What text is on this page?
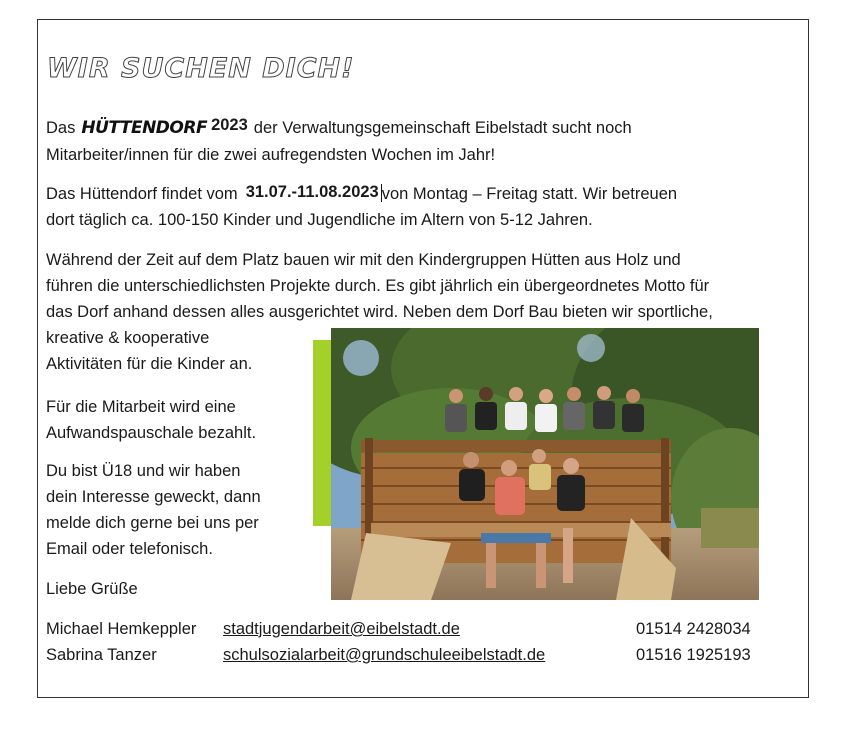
WIR SUCHEN DICH!
Das HÜTTENDORF 2023 der Verwaltungsgemeinschaft Eibelstadt sucht noch
Mitarbeiter/innen für die zwei aufregendsten Wochen im Jahr!
Das Hüttendorf findet vom 31.07.-11.08.2023 von Montag – Freitag statt. Wir betreuen
dort täglich ca. 100-150 Kinder und Jugendliche im Altern von 5-12 Jahren.
Während der Zeit auf dem Platz bauen wir mit den Kindergruppen Hütten aus Holz und
führen die unterschiedlichsten Projekte durch. Es gibt jährlich ein übergeordnetes Motto für
das Dorf anhand dessen alles ausgerichtet wird. Neben dem Dorf Bau bieten wir sportliche,
kreative & kooperative
Aktivitäten für die Kinder an.
Für die Mitarbeit wird eine
Aufwandspauschale bezahlt.
Du bist Ü18 und wir haben
dein Interesse geweckt, dann
melde dich gerne bei uns per
Email oder telefonisch.
Liebe Grüße
Michael Hemkeppler stadtjugendarbeit@eibelstadt.de	01514 2428034
Sabrina Tanzer	schulsozialarbeit@grundschuleeibelstadt.de	01516 1925193
